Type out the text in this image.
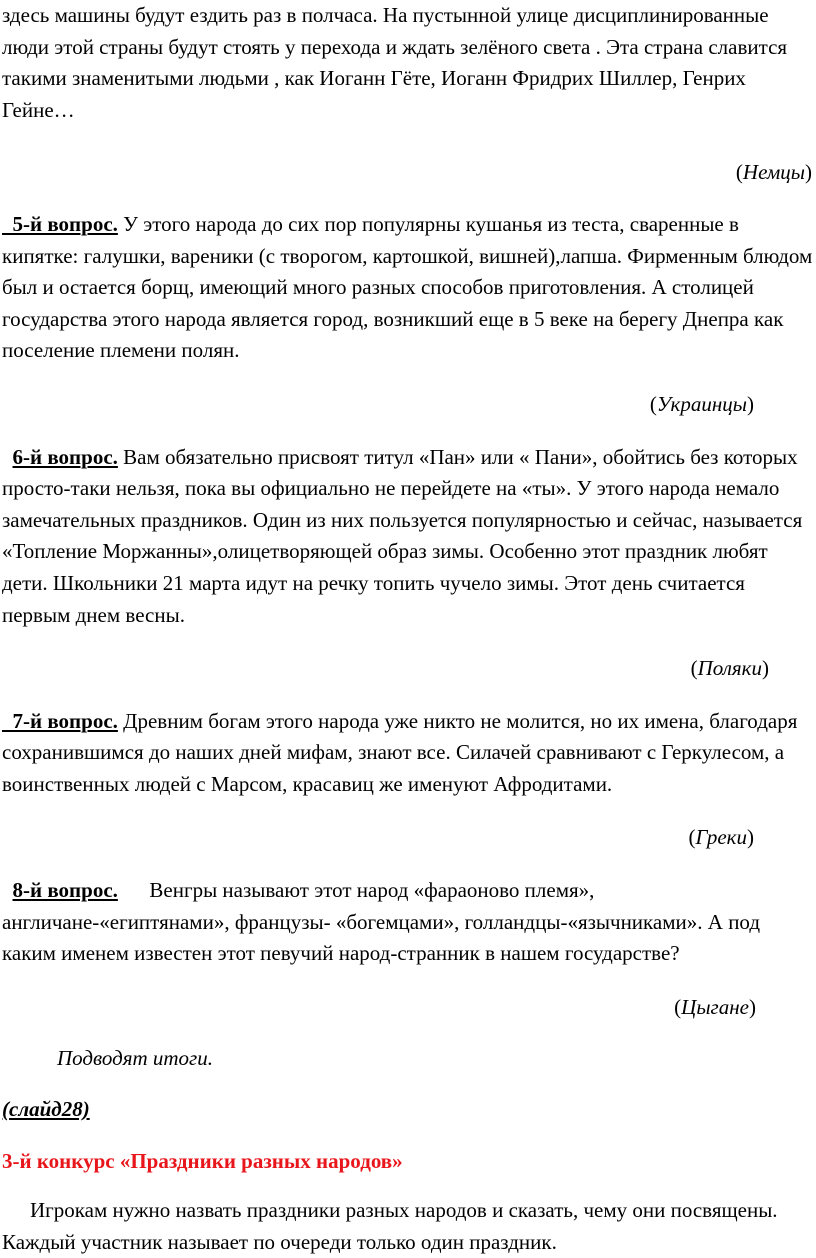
здесь машины будут ездить раз в полчаса. На пустынной улице дисциплинированные люди этой страны будут стоять у перехода и ждать зелёного света . Эта страна славится такими знаменитыми людьми , как Иоганн Гёте, Иоганн Фридрих Шиллер, Генрих Гейне…

(Немцы)

5-й вопрос. У этого народа до сих пор популярны кушанья из теста, сваренные в кипятке: галушки, вареники (с творогом, картошкой, вишней),лапша. Фирменным блюдом был и остается борщ, имеющий много разных способов приготовления. А столицей государства этого народа является город, возникший еще в 5 веке на берегу Днепра как поселение племени полян.

(Украинцы)

6-й вопрос. Вам обязательно присвоят титул «Пан» или « Пани», обойтись без которых просто-таки нельзя, пока вы официально не перейдете на «ты». У этого народа немало замечательных праздников. Один из них пользуется популярностью и сейчас, называется «Топление Моржанны»,олицетворяющей образ зимы. Особенно этот праздник любят дети. Школьники 21 марта идут на речку топить чучело зимы. Этот день считается первым днем весны.

(Поляки)

7-й вопрос. Древним богам этого народа уже никто не молится, но их имена, благодаря сохранившимся до наших дней мифам, знают все. Силачей сравнивают с Геркулесом, а воинственных людей с Марсом, красавиц же именуют Афродитами.

(Греки)

8-й вопрос. Венгры называют этот народ «фараоново племя», англичане-«египтянами», французы- «богемцами», голландцы-«язычниками». А под каким именем известен этот певучий народ-странник в нашем государстве?

(Цыгане)

Подводят итоги.

(слайд28)

3-й конкурс «Праздники разных народов»

Игрокам нужно назвать праздники разных народов и сказать, чему они посвящены. Каждый участник называет по очереди только один праздник.
